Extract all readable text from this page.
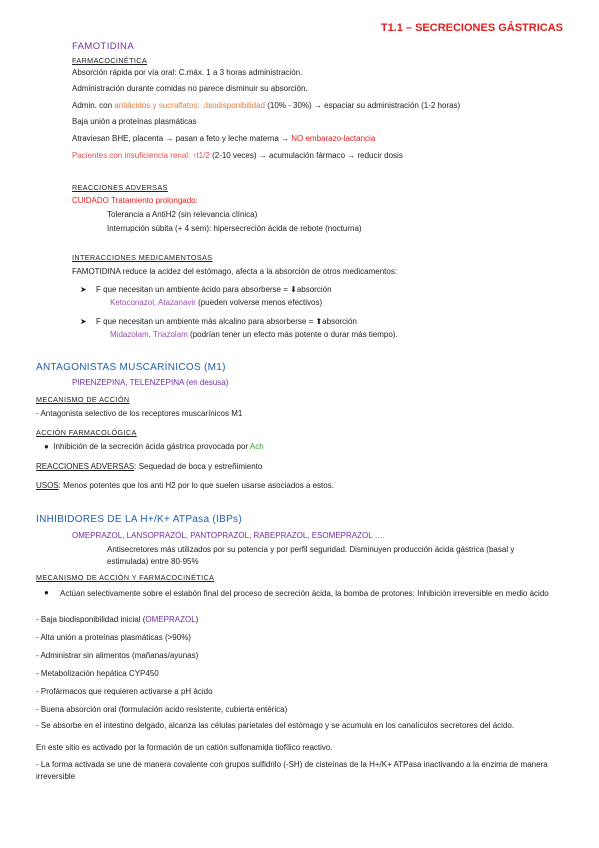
T1.1 – SECRECIONES GÁSTRICAS
FAMOTIDINA
FARMACOCINÉTICA
Absorción rápida por vía oral: C.máx. 1 a 3 horas administración.
Administración durante comidas no parece disminuir su absorción.
Admin. con antiácidos y sucralfatos: ↓biodisponibilidad (10% - 30%) → espaciar su administración (1-2 horas)
Baja unión a proteínas plasmáticas
Atraviesan BHE, placenta → pasan a feto y leche materna → NO embarazo-lactancia
Pacientes con insuficiencia renal: ↑t1/2 (2-10 veces) → acumulación fármaco → reducir dosis
REACCIONES ADVERSAS
CUIDADO Tratamiento prolongado:
Tolerancia a AntiH2 (sin relevancia clínica)
Interrupción súbita (+ 4 sem): hipersecreción ácida de rebote (nocturna)
INTERACCIONES MEDICAMENTOSAS
FAMOTIDINA reduce la acidez del estómago, afecta a la absorción de otros medicamentos:
➤ F que necesitan un ambiente ácido para absorberse = ⬇absorción
Ketoconazol, Atazanavir (pueden volverse menos efectivos)
➤ F que necesitan un ambiente más alcalino para absorberse = ⬆absorción
Midazolam, Triazolam (podrían tener un efecto más potente o durar más tiempo).
ANTAGONISTAS MUSCARÍNICOS (M1)
PIRENZEPINA, TELENZEPINA (en desusa)
MECANISMO DE ACCIÓN
- Antagonista selectivo de los receptores muscarínicos M1
ACCIÓN FARMACOLÓGICA
● Inhibición de la secreción ácida gástrica provocada por Ach
REACCIONES ADVERSAS: Sequedad de boca y estreñimiento
USOS: Menos potentes que los anti H2 por lo que suelen usarse asociados a estos.
INHIBIDORES DE LA H+/K+ ATPasa (IBPs)
OMEPRAZOL, LANSOPRAZOL, PANTOPRAZOL, RABEPRAZOL, ESOMEPRAZOL ….
Antisecretores más utilizados por su potencia y por perfil seguridad. Disminuyen producción ácida gástrica (basal y estimulada) entre 80-95%
MECANISMO DE ACCIÓN Y FARMACOCINÉTICA
● Actúan selectivamente sobre el eslabón final del proceso de secreción ácida, la bomba de protones: Inhibición irreversible en medio ácido
- Baja biodisponibilidad inicial (OMEPRAZOL)
- Alta unión a proteínas plasmáticas (>90%)
- Administrar sin alimentos (mañanas/ayunas)
- Metabolización hepática CYP450
- Profármacos que requieren activarse a pH ácido
- Buena absorción oral (formulación acido resistente, cubierta entérica)
- Se absorbe en el intestino delgado, alcanza las células parietales del estómago y se acumula en los canalículos secretores del ácido.
En este sitio es activado por la formación de un catión sulfonamida tiofílico reactivo.
- La forma activada se une de manera covalente con grupos sulfidrilo (-SH) de cisteínas de la H+/K+ ATPasa inactivando a la enzima de manera irreversible
